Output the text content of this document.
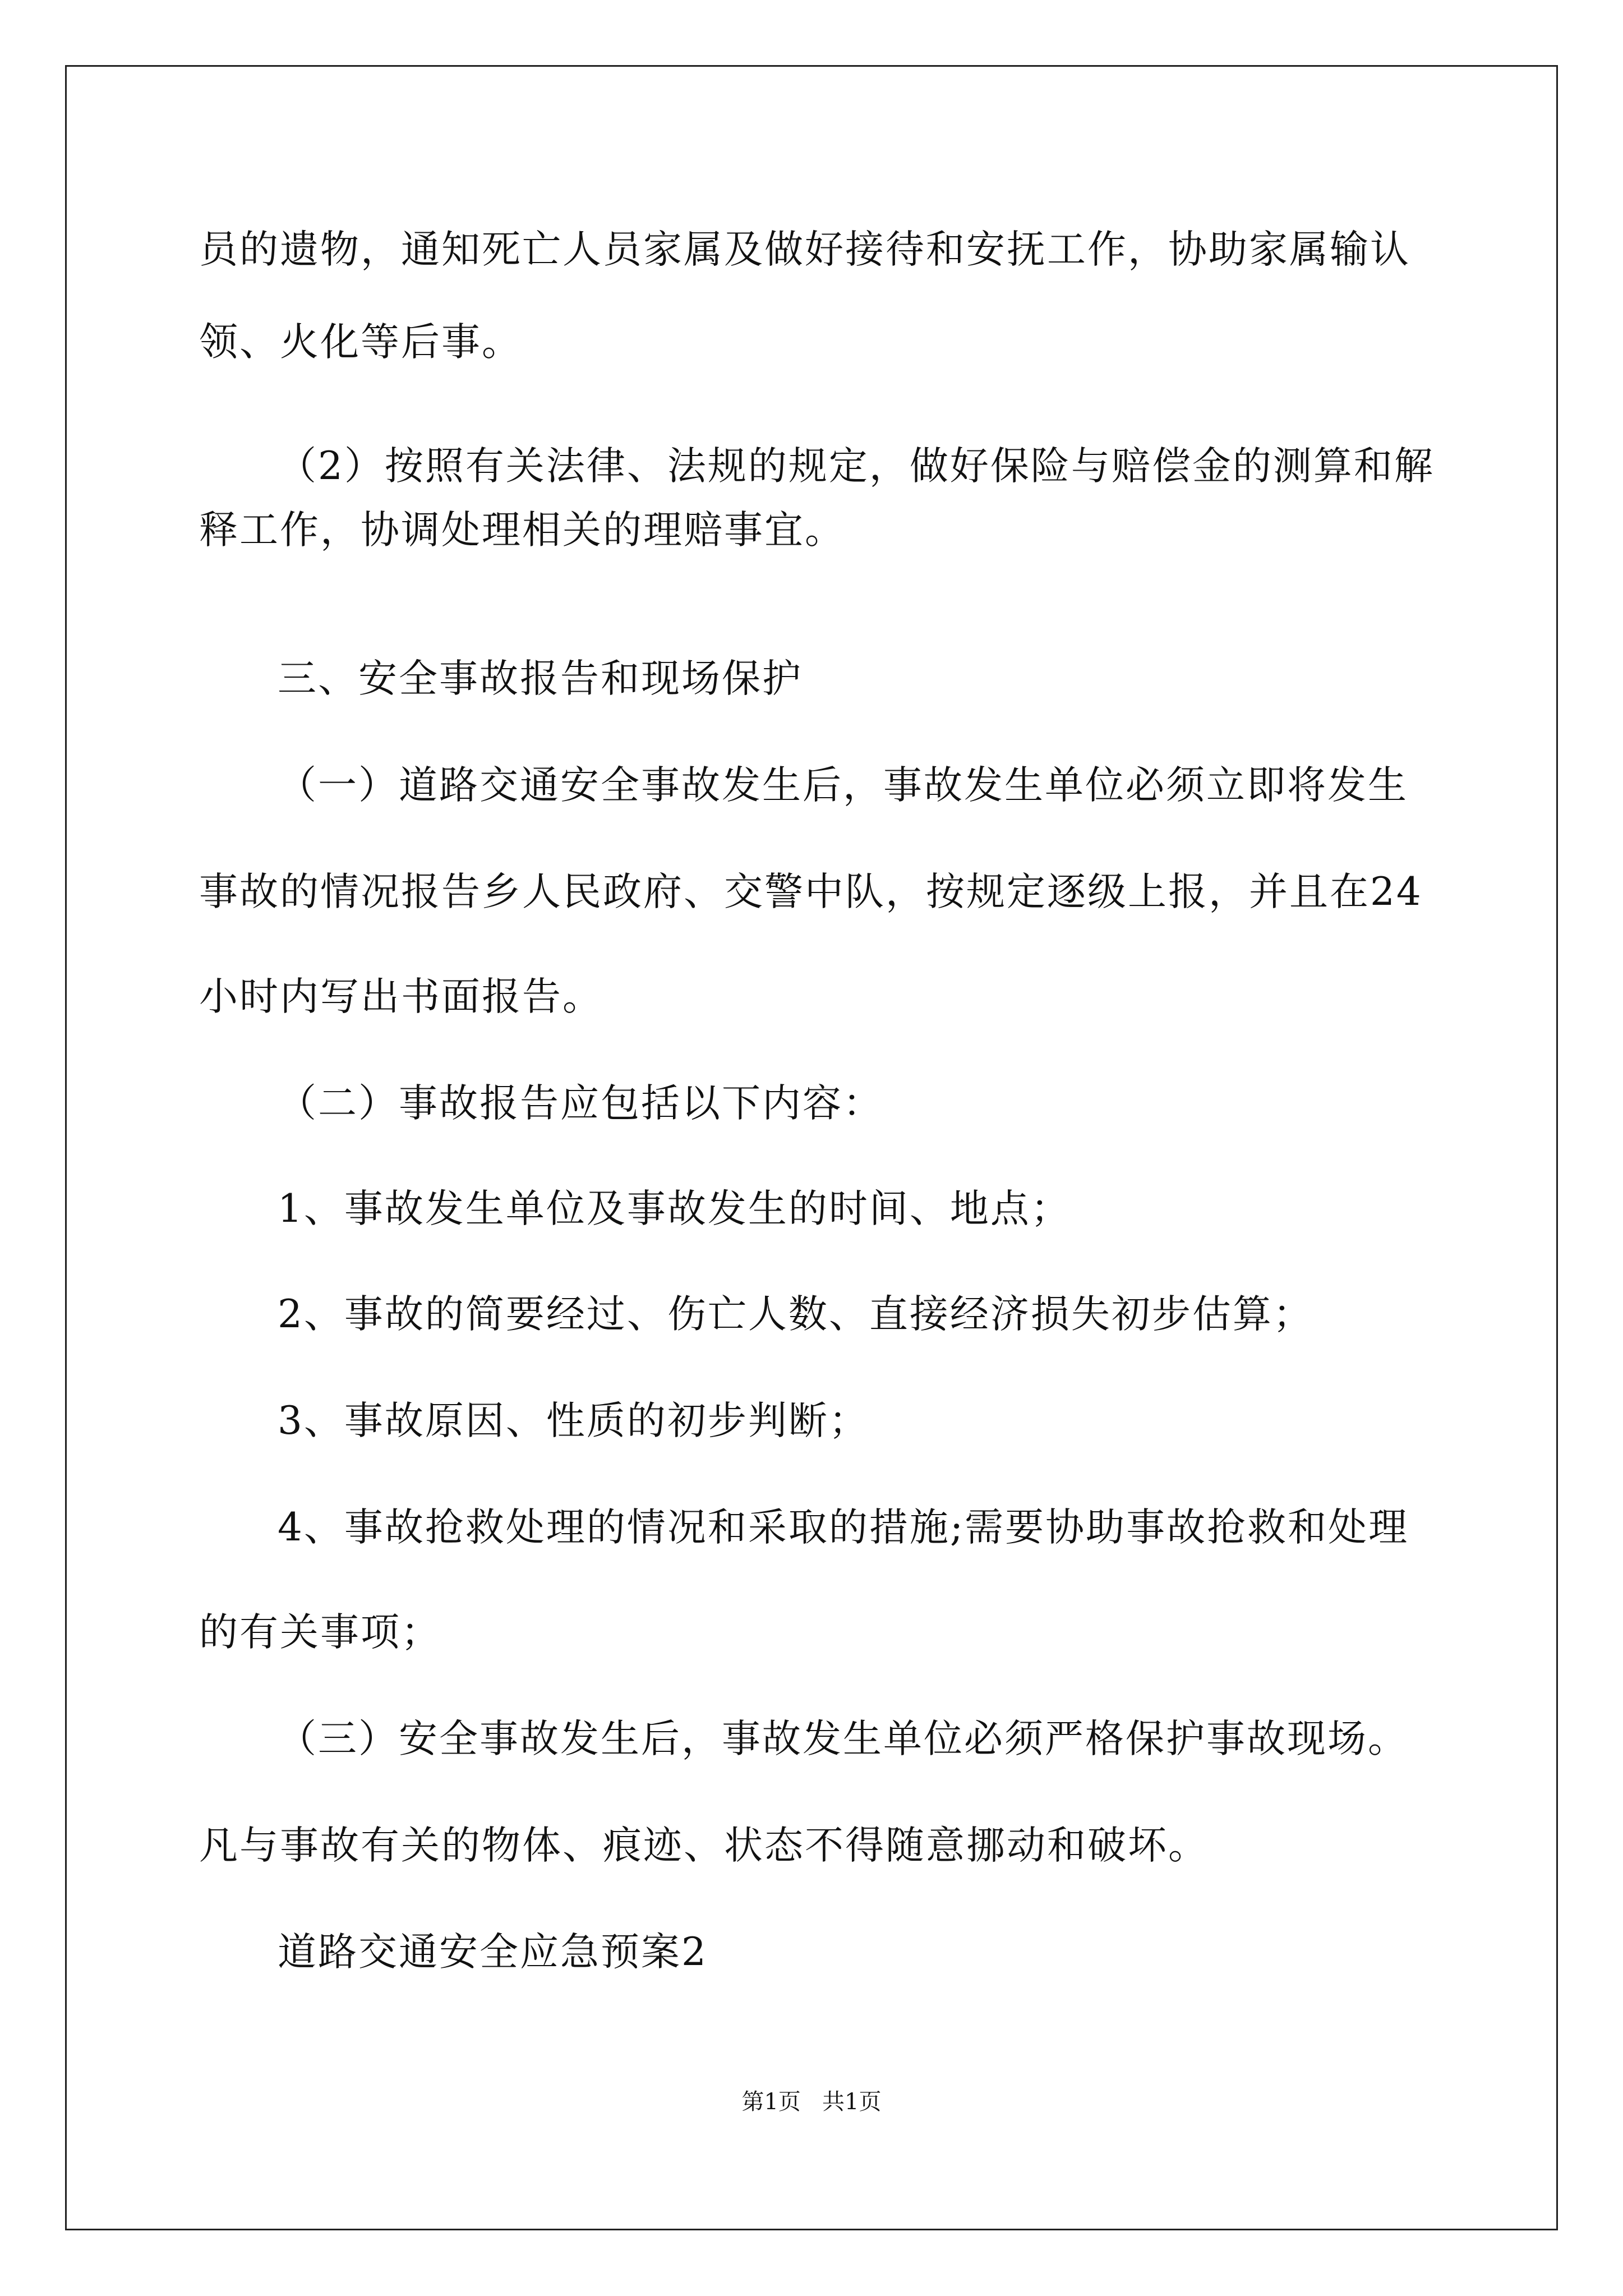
员的遗物，通知死亡人员家属及做好接待和安抚工作，协助家属输认
领、火化等后事。
（2）按照有关法律、法规的规定，做好保险与赔偿金的测算和解
释工作，协调处理相关的理赔事宜。
三、安全事故报告和现场保护
（一）道路交通安全事故发生后，事故发生单位必须立即将发生
事故的情况报告乡人民政府、交警中队，按规定逐级上报，并且在24
小时内写出书面报告。
（二）事故报告应包括以下内容：
1、事故发生单位及事故发生的时间、地点；
2、事故的简要经过、伤亡人数、直接经济损失初步估算；
3、事故原因、性质的初步判断；
4、事故抢救处理的情况和采取的措施;需要协助事故抢救和处理
的有关事项；
（三）安全事故发生后，事故发生单位必须严格保护事故现场。
凡与事故有关的物体、痕迹、状态不得随意挪动和破坏。
道路交通安全应急预案2
第1页   共1页
